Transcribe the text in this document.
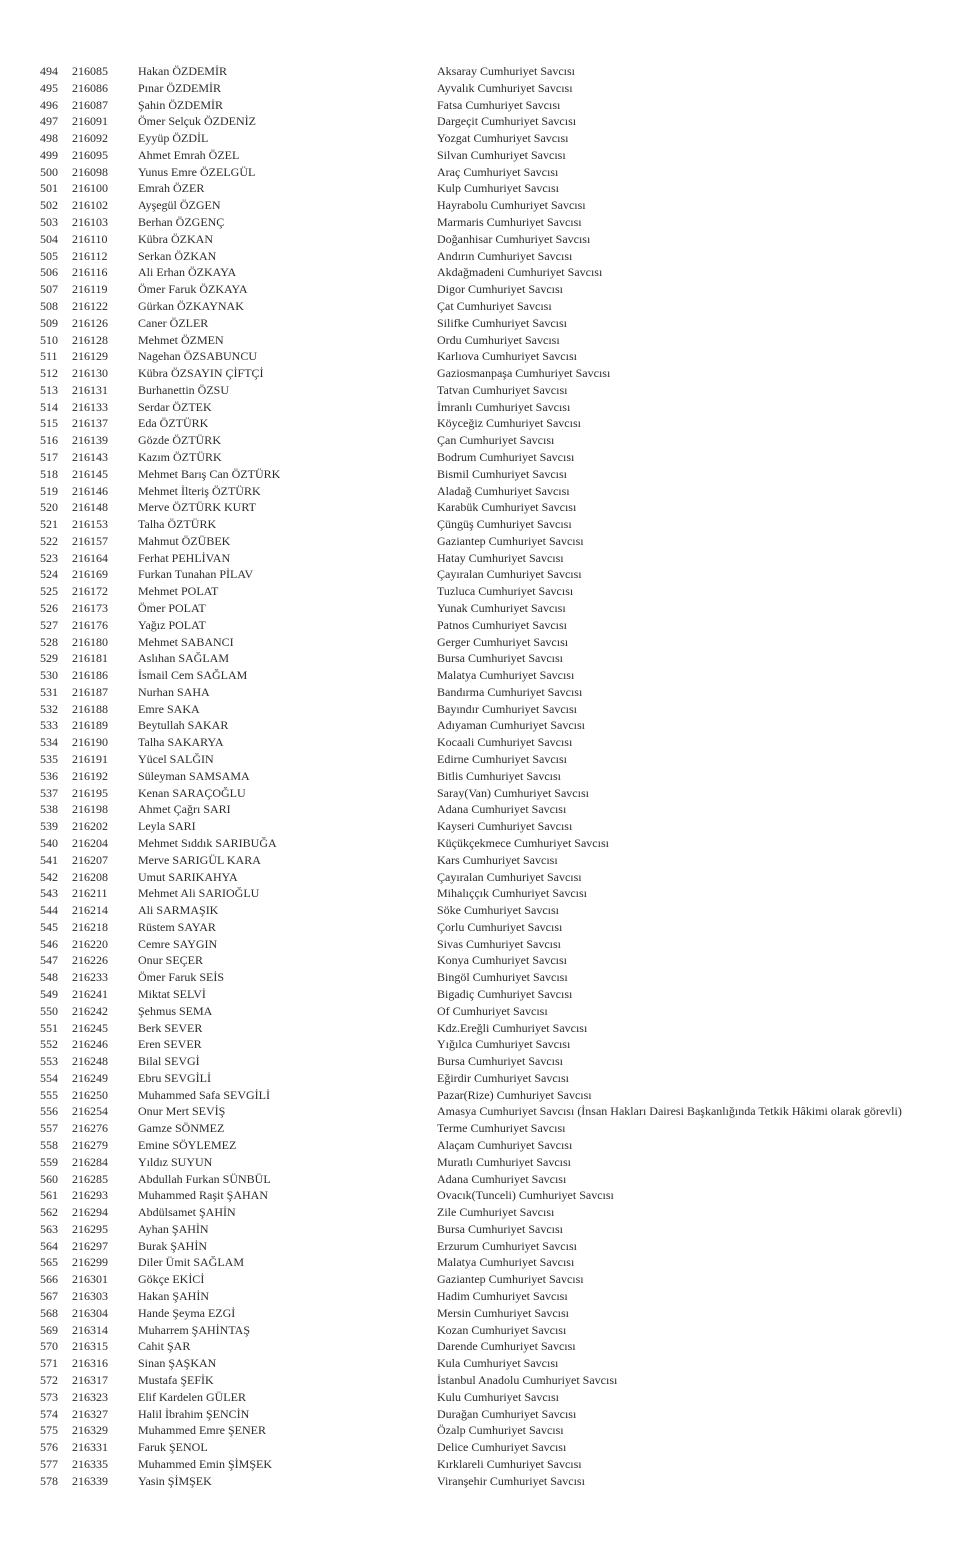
494	216085	Hakan ÖZDEMİR	Aksaray Cumhuriyet Savcısı
495	216086	Pınar ÖZDEMİR	Ayvalık Cumhuriyet Savcısı
496	216087	Şahin ÖZDEMİR	Fatsa Cumhuriyet Savcısı
497	216091	Ömer Selçuk ÖZDENİZ	Dargeçit Cumhuriyet Savcısı
498	216092	Eyyüp ÖZDİL	Yozgat Cumhuriyet Savcısı
499	216095	Ahmet Emrah ÖZEL	Silvan Cumhuriyet Savcısı
500	216098	Yunus Emre ÖZELGÜL	Araç Cumhuriyet Savcısı
501	216100	Emrah ÖZER	Kulp Cumhuriyet Savcısı
502	216102	Ayşegül ÖZGEN	Hayrabolu Cumhuriyet Savcısı
503	216103	Berhan ÖZGENÇ	Marmaris Cumhuriyet Savcısı
504	216110	Kübra ÖZKAN	Doğanhisar Cumhuriyet Savcısı
505	216112	Serkan ÖZKAN	Andırın Cumhuriyet Savcısı
506	216116	Ali Erhan ÖZKAYA	Akdağmadeni Cumhuriyet Savcısı
507	216119	Ömer Faruk ÖZKAYA	Digor Cumhuriyet Savcısı
508	216122	Gürkan ÖZKAYNAK	Çat Cumhuriyet Savcısı
509	216126	Caner ÖZLER	Silifke Cumhuriyet Savcısı
510	216128	Mehmet ÖZMEN	Ordu Cumhuriyet Savcısı
511	216129	Nagehan ÖZSABUNCU	Karlıova Cumhuriyet Savcısı
512	216130	Kübra ÖZSAYIN ÇİFTÇİ	Gaziosmanpaşa Cumhuriyet Savcısı
513	216131	Burhanettin ÖZSU	Tatvan Cumhuriyet Savcısı
514	216133	Serdar ÖZTEK	İmranlı Cumhuriyet Savcısı
515	216137	Eda ÖZTÜRK	Köyceğiz Cumhuriyet Savcısı
516	216139	Gözde ÖZTÜRK	Çan Cumhuriyet Savcısı
517	216143	Kazım ÖZTÜRK	Bodrum Cumhuriyet Savcısı
518	216145	Mehmet Barış Can ÖZTÜRK	Bismil Cumhuriyet Savcısı
519	216146	Mehmet İlteriş ÖZTÜRK	Aladağ Cumhuriyet Savcısı
520	216148	Merve ÖZTÜRK KURT	Karabük Cumhuriyet Savcısı
521	216153	Talha ÖZTÜRK	Çüngüş Cumhuriyet Savcısı
522	216157	Mahmut ÖZÜBEK	Gaziantep Cumhuriyet Savcısı
523	216164	Ferhat PEHLİVAN	Hatay Cumhuriyet Savcısı
524	216169	Furkan Tunahan PİLAV	Çayıralan Cumhuriyet Savcısı
525	216172	Mehmet POLAT	Tuzluca Cumhuriyet Savcısı
526	216173	Ömer POLAT	Yunak Cumhuriyet Savcısı
527	216176	Yağız POLAT	Patnos Cumhuriyet Savcısı
528	216180	Mehmet SABANCI	Gerger Cumhuriyet Savcısı
529	216181	Aslıhan SAĞLAM	Bursa Cumhuriyet Savcısı
530	216186	İsmail Cem SAĞLAM	Malatya Cumhuriyet Savcısı
531	216187	Nurhan SAHA	Bandırma Cumhuriyet Savcısı
532	216188	Emre SAKA	Bayındır Cumhuriyet Savcısı
533	216189	Beytullah SAKAR	Adıyaman Cumhuriyet Savcısı
534	216190	Talha SAKARYA	Kocaali Cumhuriyet Savcısı
535	216191	Yücel SALĞIN	Edirne Cumhuriyet Savcısı
536	216192	Süleyman SAMSAMA	Bitlis Cumhuriyet Savcısı
537	216195	Kenan SARAÇOĞLU	Saray(Van) Cumhuriyet Savcısı
538	216198	Ahmet Çağrı SARI	Adana Cumhuriyet Savcısı
539	216202	Leyla SARI	Kayseri Cumhuriyet Savcısı
540	216204	Mehmet Sıddık SARIBUĞA	Küçükçekmece Cumhuriyet Savcısı
541	216207	Merve SARIGÜL KARA	Kars Cumhuriyet Savcısı
542	216208	Umut SARIKAHYA	Çayıralan Cumhuriyet Savcısı
543	216211	Mehmet Ali SARIOĞLU	Mihalıççık Cumhuriyet Savcısı
544	216214	Ali SARMAŞIK	Söke Cumhuriyet Savcısı
545	216218	Rüstem SAYAR	Çorlu Cumhuriyet Savcısı
546	216220	Cemre SAYGIN	Sivas Cumhuriyet Savcısı
547	216226	Onur SEÇER	Konya Cumhuriyet Savcısı
548	216233	Ömer Faruk SEİS	Bingöl Cumhuriyet Savcısı
549	216241	Miktat SELVİ	Bigadiç Cumhuriyet Savcısı
550	216242	Şehmus SEMA	Of Cumhuriyet Savcısı
551	216245	Berk SEVER	Kdz.Ereğli Cumhuriyet Savcısı
552	216246	Eren SEVER	Yığılca Cumhuriyet Savcısı
553	216248	Bilal SEVGİ	Bursa Cumhuriyet Savcısı
554	216249	Ebru SEVGİLİ	Eğirdir Cumhuriyet Savcısı
555	216250	Muhammed Safa SEVGİLİ	Pazar(Rize) Cumhuriyet Savcısı
556	216254	Onur Mert SEVİŞ	Amasya Cumhuriyet Savcısı (İnsan Hakları Dairesi Başkanlığında Tetkik Hâkimi olarak görevli)
557	216276	Gamze SÖNMEZ	Terme Cumhuriyet Savcısı
558	216279	Emine SÖYLEMEZ	Alaçam Cumhuriyet Savcısı
559	216284	Yıldız SUYUN	Muratlı Cumhuriyet Savcısı
560	216285	Abdullah Furkan SÜNBÜL	Adana Cumhuriyet Savcısı
561	216293	Muhammed Raşit ŞAHAN	Ovacık(Tunceli) Cumhuriyet Savcısı
562	216294	Abdülsamet ŞAHİN	Zile Cumhuriyet Savcısı
563	216295	Ayhan ŞAHİN	Bursa Cumhuriyet Savcısı
564	216297	Burak ŞAHİN	Erzurum Cumhuriyet Savcısı
565	216299	Diler Ümit SAĞLAM	Malatya Cumhuriyet Savcısı
566	216301	Gökçe EKİCİ	Gaziantep Cumhuriyet Savcısı
567	216303	Hakan ŞAHİN	Hadim Cumhuriyet Savcısı
568	216304	Hande Şeyma EZGİ	Mersin Cumhuriyet Savcısı
569	216314	Muharrem ŞAHİNTAŞ	Kozan Cumhuriyet Savcısı
570	216315	Cahit ŞAR	Darende Cumhuriyet Savcısı
571	216316	Sinan ŞAŞKAN	Kula Cumhuriyet Savcısı
572	216317	Mustafa ŞEFİK	İstanbul Anadolu Cumhuriyet Savcısı
573	216323	Elif Kardelen GÜLER	Kulu Cumhuriyet Savcısı
574	216327	Halil İbrahim ŞENCİN	Durağan Cumhuriyet Savcısı
575	216329	Muhammed Emre ŞENER	Özalp Cumhuriyet Savcısı
576	216331	Faruk ŞENOL	Delice Cumhuriyet Savcısı
577	216335	Muhammed Emin ŞİMŞEK	Kırklareli Cumhuriyet Savcısı
578	216339	Yasin ŞİMŞEK	Viranşehir Cumhuriyet Savcısı
